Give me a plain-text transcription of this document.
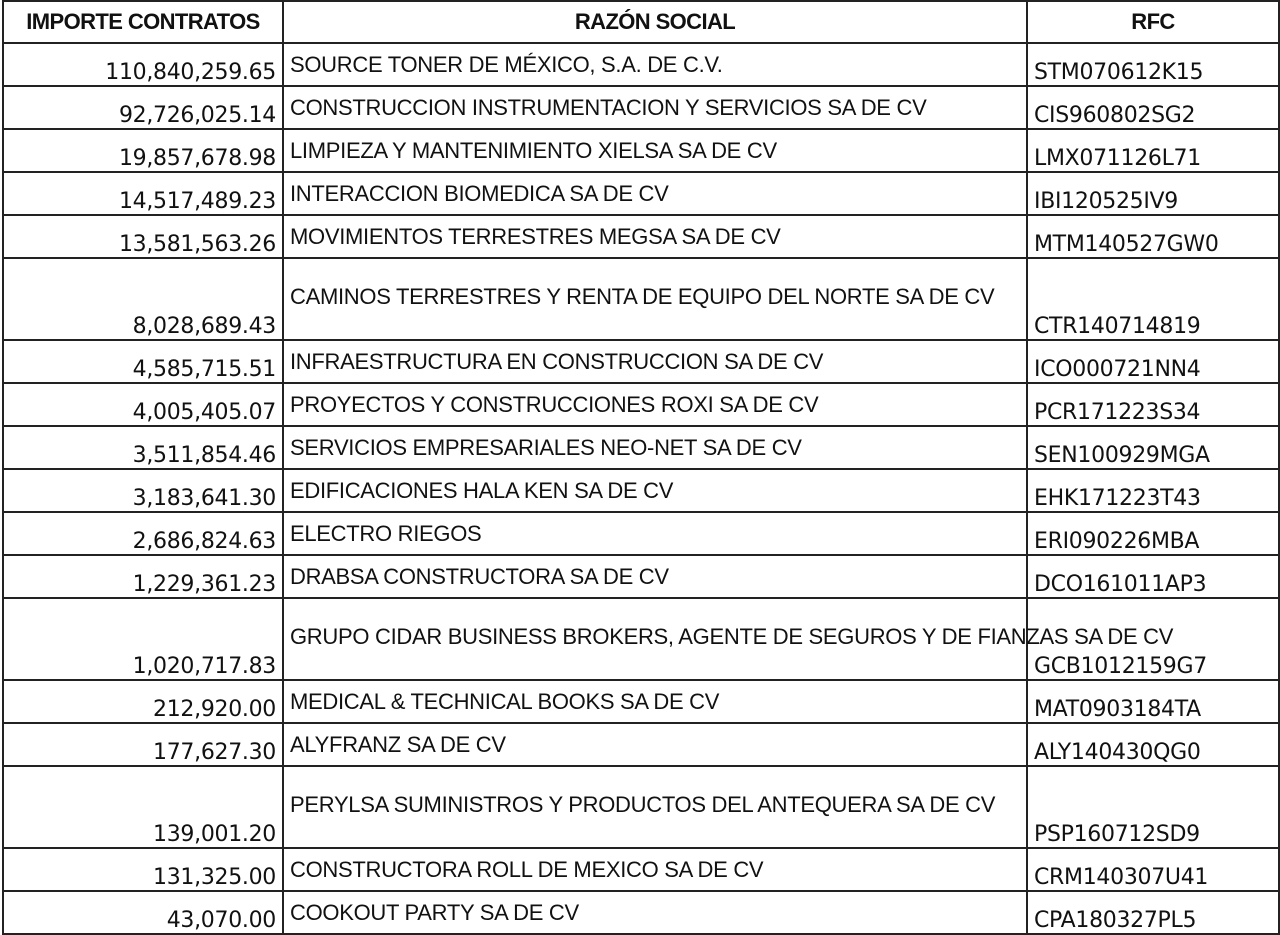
IMPORTE CONTRATOS	RAZÓN SOCIAL	RFC
110,840,259.65	SOURCE TONER DE MÉXICO, S.A. DE C.V.	STM070612K15
92,726,025.14	CONSTRUCCION INSTRUMENTACION Y SERVICIOS SA DE CV	CIS960802SG2
19,857,678.98	LIMPIEZA Y MANTENIMIENTO XIELSA SA DE CV	LMX071126L71
14,517,489.23	INTERACCION BIOMEDICA SA DE CV	IBI120525IV9
13,581,563.26	MOVIMIENTOS TERRESTRES MEGSA SA DE CV	MTM140527GW0
8,028,689.43	CAMINOS TERRESTRES Y RENTA DE EQUIPO DEL NORTE SA DE CV	CTR140714819
4,585,715.51	INFRAESTRUCTURA EN CONSTRUCCION SA DE CV	ICO000721NN4
4,005,405.07	PROYECTOS Y CONSTRUCCIONES ROXI SA DE CV	PCR171223S34
3,511,854.46	SERVICIOS EMPRESARIALES NEO-NET SA DE CV	SEN100929MGA
3,183,641.30	EDIFICACIONES HALA KEN SA DE CV	EHK171223T43
2,686,824.63	ELECTRO RIEGOS	ERI090226MBA
1,229,361.23	DRABSA CONSTRUCTORA SA DE CV	DCO161011AP3
1,020,717.83	GRUPO CIDAR BUSINESS BROKERS, AGENTE DE SEGUROS Y DE FIANZAS SA DE CV	GCB1012159G7
212,920.00	MEDICAL & TECHNICAL BOOKS SA DE CV	MAT0903184TA
177,627.30	ALYFRANZ SA DE CV	ALY140430QG0
139,001.20	PERYLSA SUMINISTROS Y PRODUCTOS DEL ANTEQUERA SA DE CV	PSP160712SD9
131,325.00	CONSTRUCTORA ROLL DE MEXICO SA DE CV	CRM140307U41
43,070.00	COOKOUT PARTY SA DE CV	CPA180327PL5
